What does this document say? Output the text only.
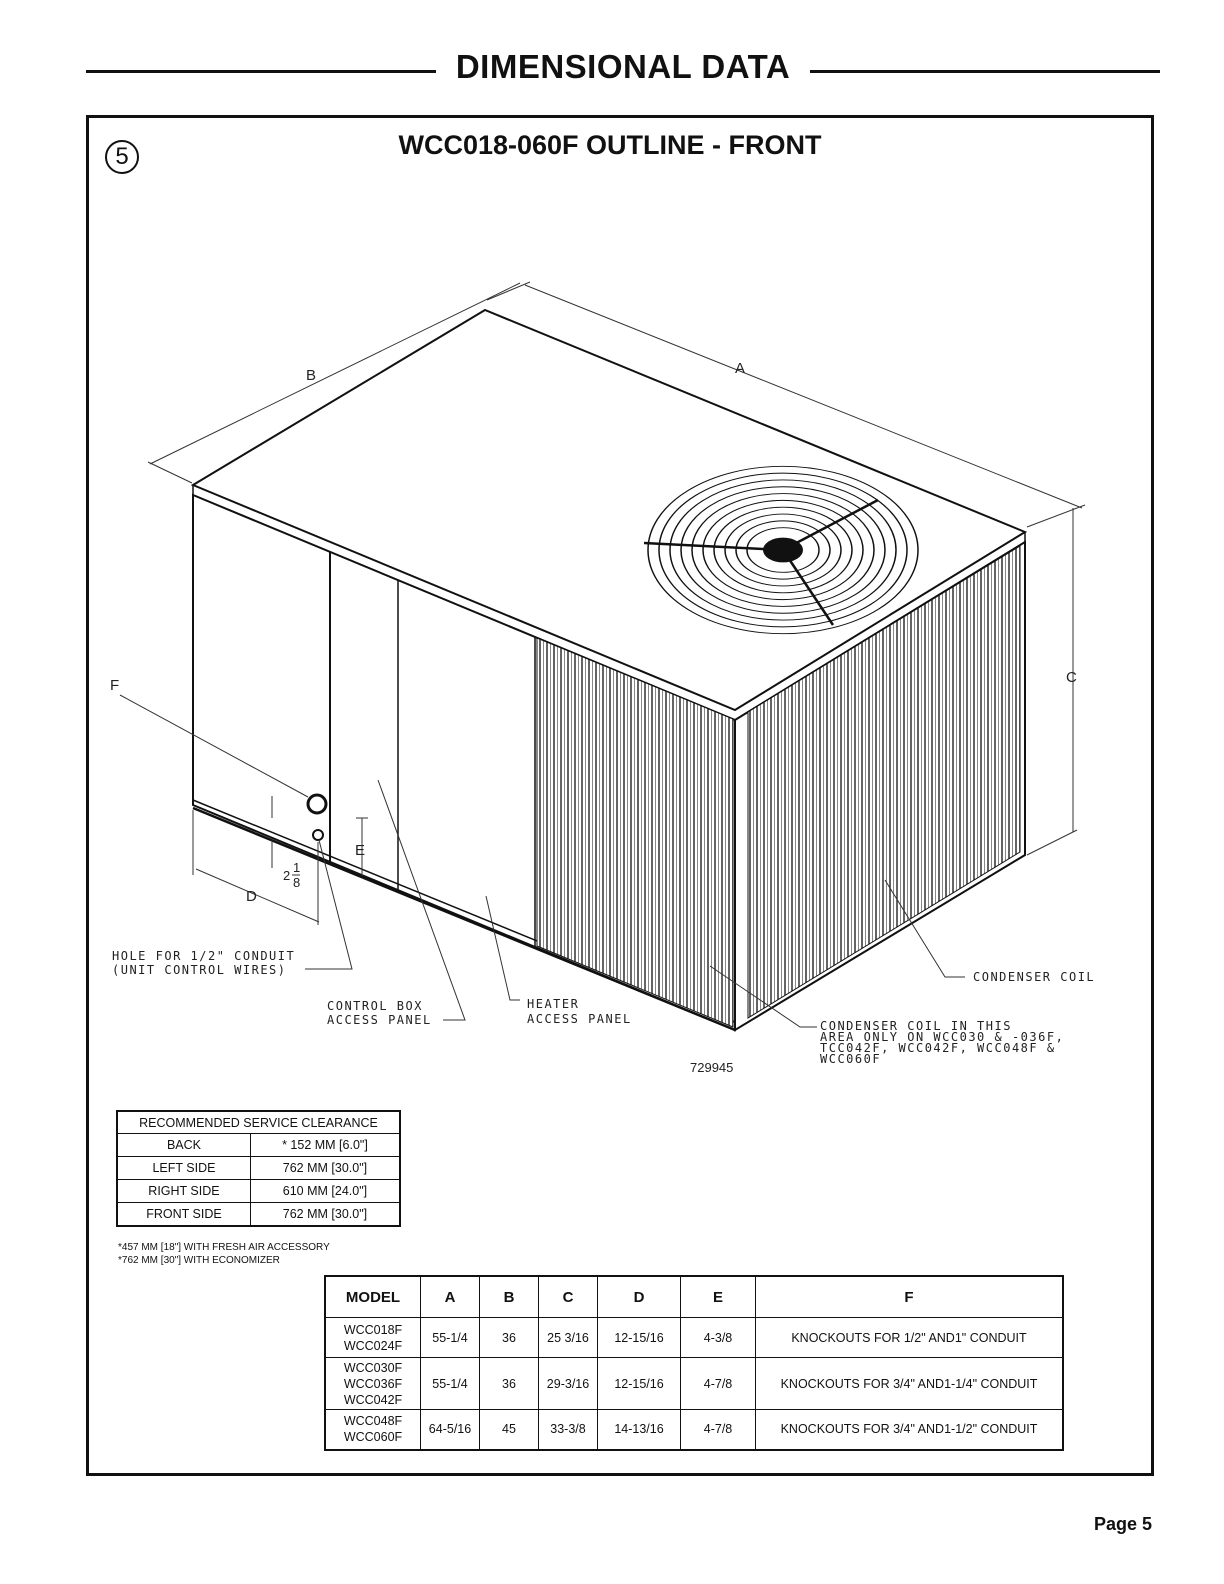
DIMENSIONAL DATA
5	WCC018-060F OUTLINE - FRONT
A
B
C
D
E
2
1
8
F
HOLE FOR 1/2" CONDUIT
(UNIT CONTROL WIRES)
CONTROL BOX
ACCESS PANEL
HEATER
ACCESS PANEL
CONDENSER COIL
CONDENSER COIL IN THIS
AREA ONLY ON WCC030 & -036F,
TCC042F, WCC042F, WCC048F &
WCC060F
729945
RECOMMENDED SERVICE CLEARANCE	
BACK	* 152 MM [6.0"]
LEFT SIDE	762 MM [30.0"]
RIGHT SIDE	610 MM [24.0"]
FRONT SIDE	762 MM [30.0"]
*457 MM [18"] WITH FRESH AIR ACCESSORY
*762 MM [30"] WITH ECONOMIZER
MODEL	A	B	C	D	E	F
WCC018F
WCC024F	55-1/4	36	25 3/16	12-15/16	4-3/8	KNOCKOUTS FOR 1/2" AND1" CONDUIT
WCC030F
WCC036F
WCC042F	55-1/4	36	29-3/16	12-15/16	4-7/8	KNOCKOUTS FOR 3/4" AND1-1/4" CONDUIT
WCC048F
WCC060F	64-5/16	45	33-3/8	14-13/16	4-7/8	KNOCKOUTS FOR 3/4" AND1-1/2" CONDUIT
Page 5
